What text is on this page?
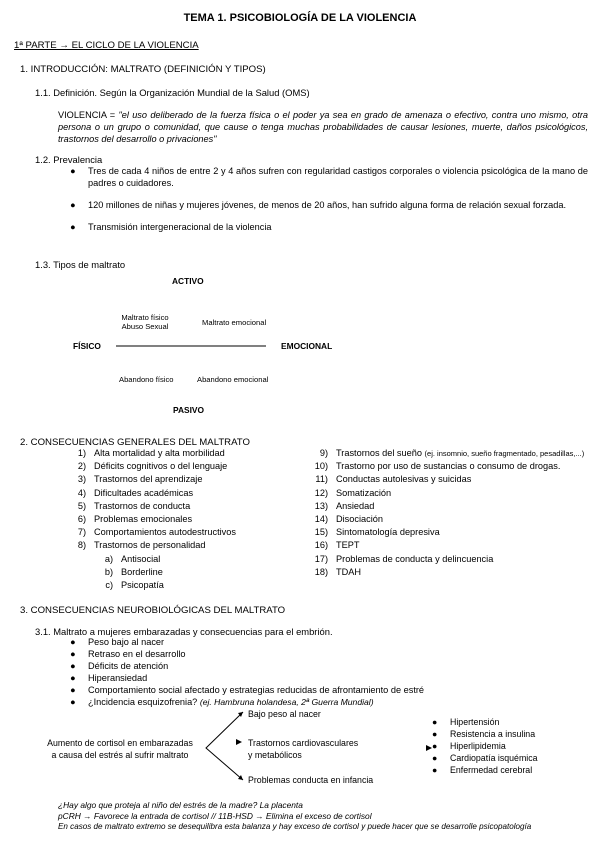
TEMA 1. PSICOBIOLOGÍA DE LA VIOLENCIA
1ª PARTE → EL CICLO DE LA VIOLENCIA
1. INTRODUCCIÓN: MALTRATO (DEFINICIÓN Y TIPOS)
1.1. Definición. Según la Organización Mundial de la Salud (OMS)
VIOLENCIA = "el uso deliberado de la fuerza física o el poder ya sea en grado de amenaza o efectivo, contra uno mismo, otra persona o un grupo o comunidad, que cause o tenga muchas probabilidades de causar lesiones, muerte, daños psicológicos, trastornos del desarrollo o privaciones"
1.2. Prevalencia
● Tres de cada 4 niños de entre 2 y 4 años sufren con regularidad castigos corporales o violencia psicológica de la mano de padres o cuidadores.
● 120 millones de niñas y mujeres jóvenes, de menos de 20 años, han sufrido alguna forma de relación sexual forzada.
● Transmisión intergeneracional de la violencia
1.3. Tipos de maltrato
ACTIVO
Maltrato físico
Abuso Sexual	Maltrato emocional
FÍSICO	EMOCIONAL
Abandono físico	Abandono emocional
PASIVO
2. CONSECUENCIAS GENERALES DEL MALTRATO
1) Alta mortalidad y alta morbilidad
2) Déficits cognitivos o del lenguaje
3) Trastornos del aprendizaje
4) Dificultades académicas
5) Trastornos de conducta
6) Problemas emocionales
7) Comportamientos autodestructivos
8) Trastornos de personalidad
a) Antisocial
b) Borderline
c) Psicopatía
9) Trastornos del sueño (ej. insomnio, sueño fragmentado, pesadillas,...)
10) Trastorno por uso de sustancias o consumo de drogas.
11) Conductas autolesivas y suicidas
12) Somatización
13) Ansiedad
14) Disociación
15) Sintomatología depresiva
16) TEPT
17) Problemas de conducta y delincuencia
18) TDAH
3. CONSECUENCIAS NEUROBIOLÓGICAS DEL MALTRATO
3.1. Maltrato a mujeres embarazadas y consecuencias para el embrión.
● Peso bajo al nacer
● Retraso en el desarrollo
● Déficits de atención
● Hiperansiedad
● Comportamiento social afectado y estrategias reducidas de afrontamiento de estré
● ¿Incidencia esquizofrenia? (ej. Hambruna holandesa, 2ª Guerra Mundial)
Aumento de cortisol en embarazadas
a causa del estrés al sufrir maltrato
Bajo peso al nacer
Trastornos cardiovasculares
y metabólicos
Problemas conducta en infancia
● Hipertensión
● Resistencia a insulina
● Hiperlipidemia
● Cardiopatía isquémica
● Enfermedad cerebral
¿Hay algo que proteja al niño del estrés de la madre? La placenta
pCRH → Favorece la entrada de cortisol // 11B-HSD → Elimina el exceso de cortisol
En casos de maltrato extremo se desequilibra esta balanza y hay exceso de cortisol y puede hacer que se desarrolle psicopatología
